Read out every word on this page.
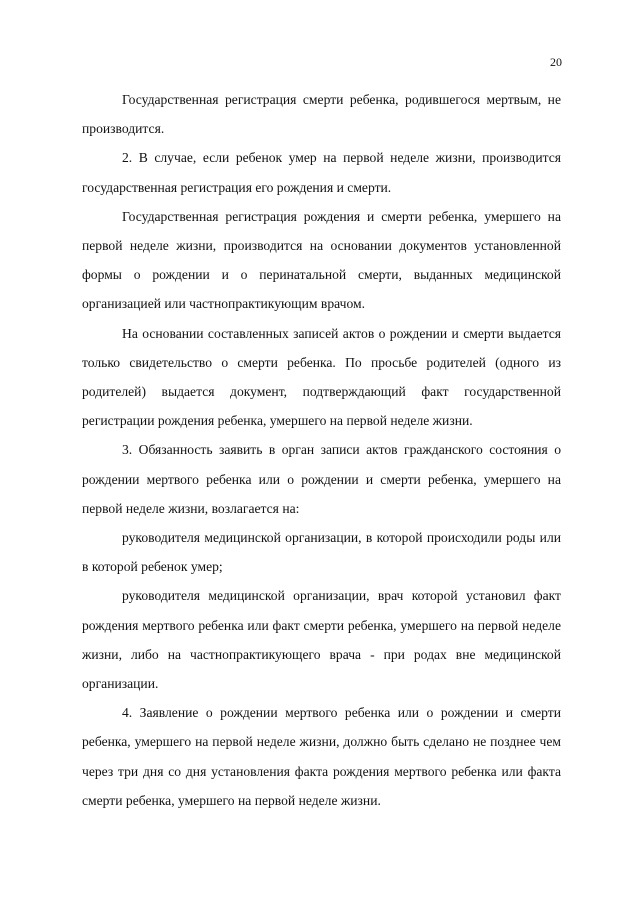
20

Государственная регистрация смерти ребенка, родившегося мертвым, не производится.

2. В случае, если ребенок умер на первой неделе жизни, производится государственная регистрация его рождения и смерти.

Государственная регистрация рождения и смерти ребенка, умершего на первой неделе жизни, производится на основании документов установленной формы о рождении и о перинатальной смерти, выданных медицинской организацией или частнопрактикующим врачом.

На основании составленных записей актов о рождении и смерти выдается только свидетельство о смерти ребенка. По просьбе родителей (одного из родителей) выдается документ, подтверждающий факт государственной регистрации рождения ребенка, умершего на первой неделе жизни.

3. Обязанность заявить в орган записи актов гражданского состояния о рождении мертвого ребенка или о рождении и смерти ребенка, умершего на первой неделе жизни, возлагается на:

руководителя медицинской организации, в которой происходили роды или в которой ребенок умер;

руководителя медицинской организации, врач которой установил факт рождения мертвого ребенка или факт смерти ребенка, умершего на первой неделе жизни, либо на частнопрактикующего врача - при родах вне медицинской организации.

4. Заявление о рождении мертвого ребенка или о рождении и смерти ребенка, умершего на первой неделе жизни, должно быть сделано не позднее чем через три дня со дня установления факта рождения мертвого ребенка или факта смерти ребенка, умершего на первой неделе жизни.
